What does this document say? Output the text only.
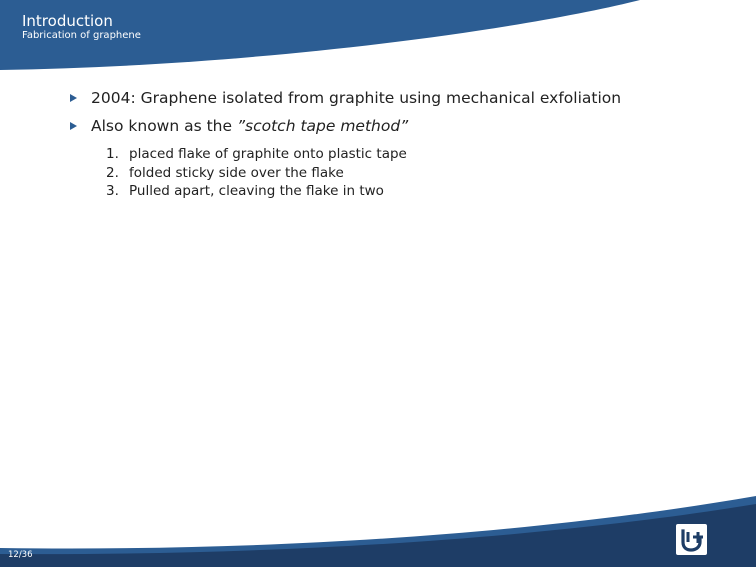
Introduction
Fabrication of graphene
2004: Graphene isolated from graphite using mechanical exfoliation
Also known as the ”scotch tape method”
1. placed flake of graphite onto plastic tape
2. folded sticky side over the flake
3. Pulled apart, cleaving the flake in two
12/36
